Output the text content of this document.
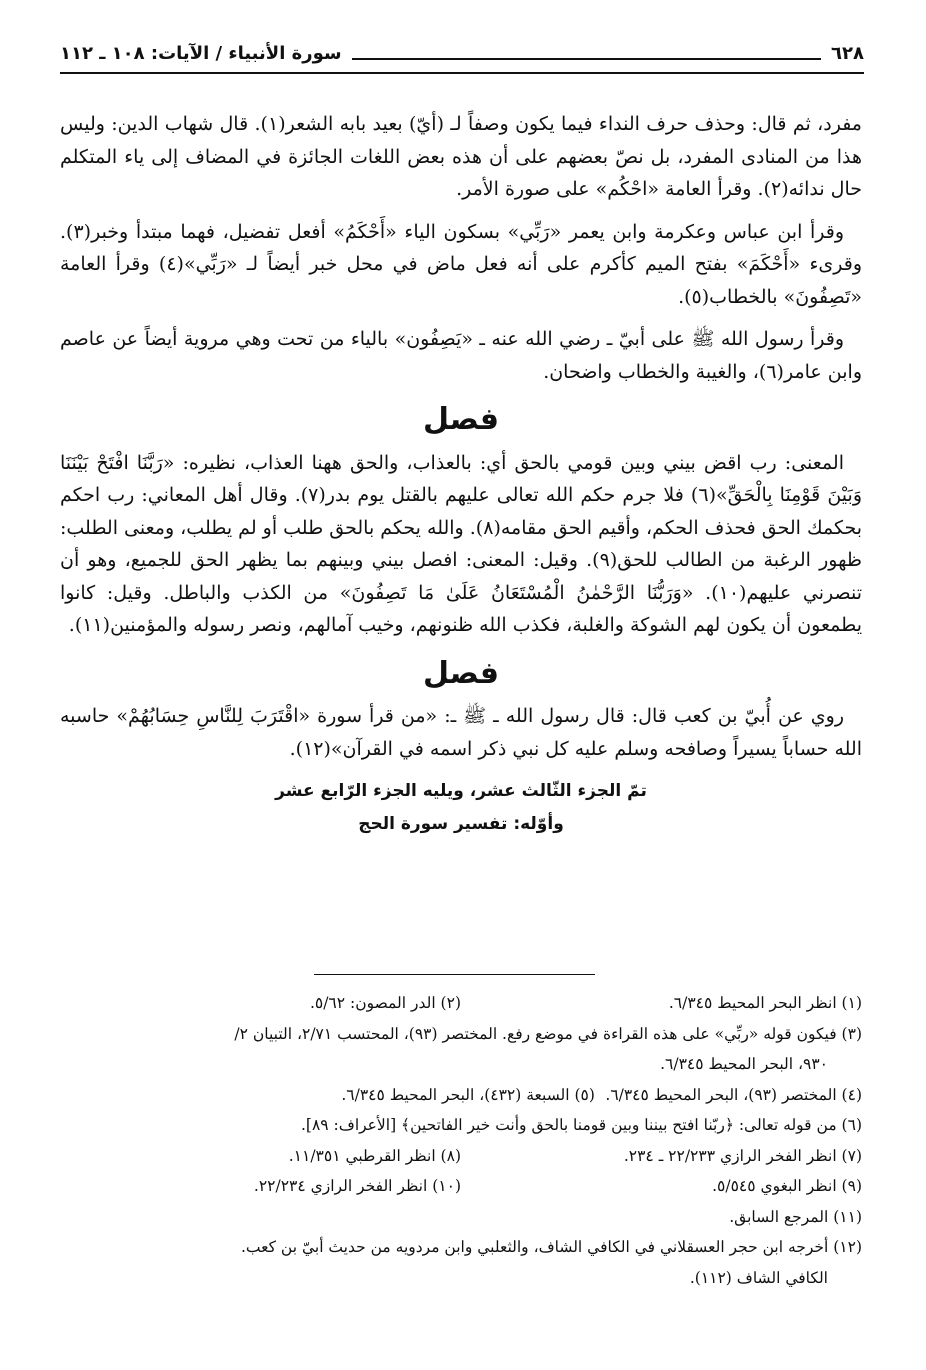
٦٢٨
سورة الأنبياء / الآيات: ١٠٨ ـ ١١٢

مفرد، ثم قال: وحذف حرف النداء فيما يكون وصفاً لـ (أيّ) بعيد بابه الشعر(١). قال شهاب الدين: وليس هذا من المنادى المفرد، بل نصّ بعضهم على أن هذه بعض اللغات الجائزة في المضاف إلى ياء المتكلم حال ندائه(٢). وقرأ العامة «احْكُم» على صورة الأمر.

وقرأ ابن عباس وعكرمة وابن يعمر «رَبِّي» بسكون الياء «أَحْكَمُ» أفعل تفضيل، فهما مبتدأ وخبر(٣). وقرىء «أَحْكَمَ» بفتح الميم كأكرم على أنه فعل ماض في محل خبر أيضاً لـ «رَبِّي»(٤) وقرأ العامة «تَصِفُونَ» بالخطاب(٥).

وقرأ رسول الله ﷺ على أبيّ ـ رضي الله عنه ـ «يَصِفُون» بالياء من تحت وهي مروية أيضاً عن عاصم وابن عامر(٦)، والغيبة والخطاب واضحان.

فصل

المعنى: رب اقض بيني وبين قومي بالحق أي: بالعذاب، والحق ههنا العذاب، نظيره: «رَبَّنَا افْتَحْ بَيْنَنَا وَبَيْنَ قَوْمِنَا بِالْحَقِّ»(٦) فلا جرم حكم الله تعالى عليهم بالقتل يوم بدر(٧). وقال أهل المعاني: رب احكم بحكمك الحق فحذف الحكم، وأقيم الحق مقامه(٨). والله يحكم بالحق طلب أو لم يطلب، ومعنى الطلب: ظهور الرغبة من الطالب للحق(٩). وقيل: المعنى: افصل بيني وبينهم بما يظهر الحق للجميع، وهو أن تنصرني عليهم(١٠). «وَرَبُّنَا الرَّحْمٰنُ الْمُسْتَعَانُ عَلَىٰ مَا تَصِفُونَ» من الكذب والباطل. وقيل: كانوا يطمعون أن يكون لهم الشوكة والغلبة، فكذب الله ظنونهم، وخيب آمالهم، ونصر رسوله والمؤمنين(١١).

فصل

روي عن أُبيّ بن كعب قال: قال رسول الله ـ ﷺ ـ: «من قرأ سورة «اقْتَرَبَ لِلنَّاسِ حِسَابُهُمْ» حاسبه الله حساباً يسيراً وصافحه وسلم عليه كل نبي ذكر اسمه في القرآن»(١٢).

تمّ الجزء الثّالث عشر، ويليه الجزء الرّابع عشر
وأوّله: تفسير سورة الحج
(١) انظر البحر المحيط ٦/٣٤٥.
(٢) الدر المصون: ٥/٦٢.
(٣) فيكون قوله «ربِّي» على هذه القراءة في موضع رفع. المختصر (٩٣)، المحتسب ٢/٧١، التبيان ٢/
٩٣٠، البحر المحيط ٦/٣٤٥.
(٤) المختصر (٩٣)، البحر المحيط ٦/٣٤٥.
(٥) السبعة (٤٣٢)، البحر المحيط ٦/٣٤٥.
(٦) من قوله تعالى: ﴿ربّنا افتح بيننا وبين قومنا بالحق وأنت خير الفاتحين﴾ [الأعراف: ٨٩].
(٧) انظر الفخر الرازي ٢٢/٢٣٣ ـ ٢٣٤.
(٨) انظر القرطبي ١١/٣٥١.
(٩) انظر البغوي ٥/٥٤٥.
(١٠) انظر الفخر الرازي ٢٢/٢٣٤.
(١١) المرجع السابق.
(١٢) أخرجه ابن حجر العسقلاني في الكافي الشاف، والثعلبي وابن مردويه من حديث أبيّ بن كعب.
الكافي الشاف (١١٢).
